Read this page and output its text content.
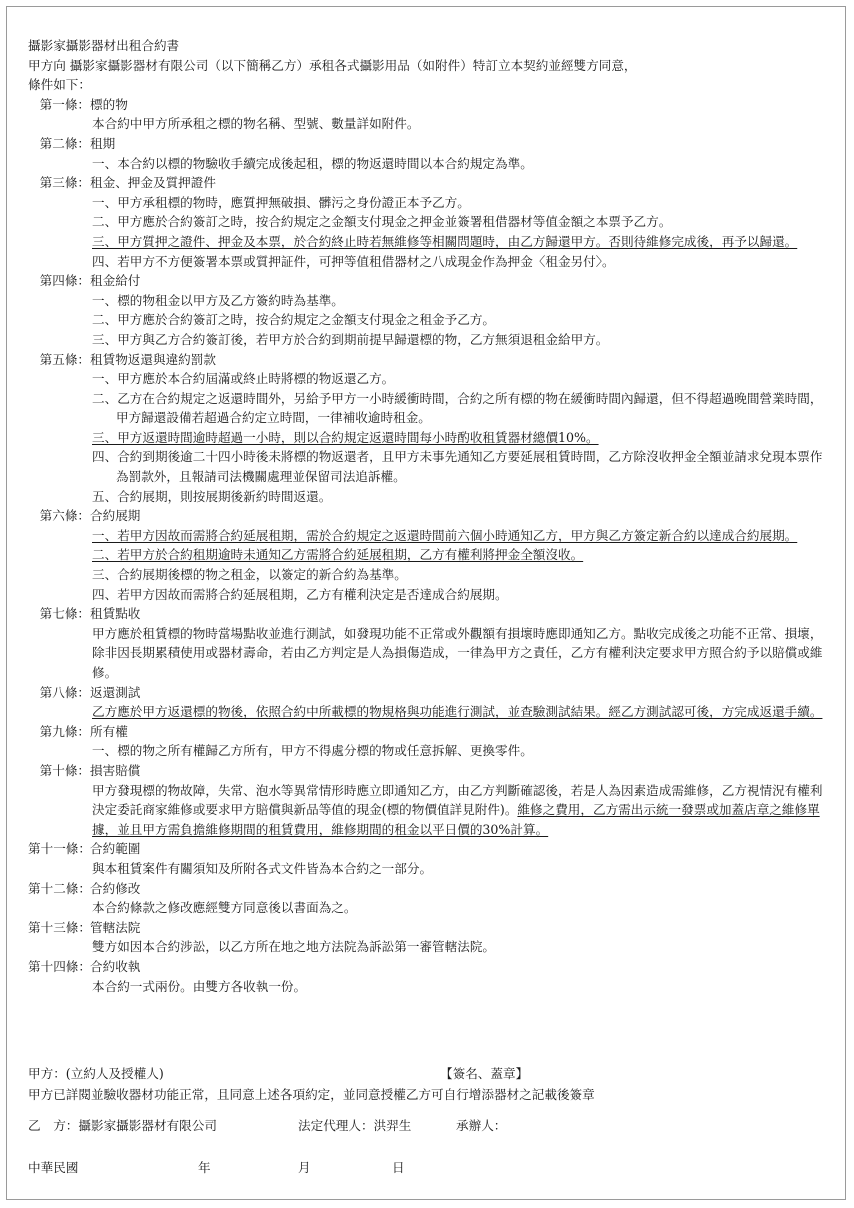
攝影家攝影器材出租合約書
甲方向 攝影家攝影器材有限公司（以下簡稱乙方）承租各式攝影用品（如附件）特訂立本契約並經雙方同意，
條件如下：
第一條：標的物
本合約中甲方所承租之標的物名稱、型號、數量詳如附件。
第二條：租期
一、本合約以標的物驗收手續完成後起租，標的物返還時間以本合約規定為準。
第三條：租金、押金及質押證件
一、甲方承租標的物時，應質押無破損、髒污之身份證正本予乙方。
二、甲方應於合約簽訂之時，按合約規定之金額支付現金之押金並簽署租借器材等值金額之本票予乙方。
三、甲方質押之證件、押金及本票，於合約終止時若無維修等相關問題時，由乙方歸還甲方。否則待維修完成後，再予以歸還。
四、若甲方不方便簽署本票或質押証件，可押等值租借器材之八成現金作為押金〈租金另付〉。
第四條：租金給付
一、標的物租金以甲方及乙方簽約時為基準。
二、甲方應於合約簽訂之時，按合約規定之金額支付現金之租金予乙方。
三、甲方與乙方合約簽訂後，若甲方於合約到期前提早歸還標的物，乙方無須退租金給甲方。
第五條：租賃物返還與違約罰款
一、甲方應於本合約屆滿或終止時將標的物返還乙方。
二、乙方在合約規定之返還時間外，另給予甲方一小時緩衝時間，合約之所有標的物在緩衝時間內歸還，但不得超過晚間營業時間，甲方歸還設備若超過合約定立時間，一律補收逾時租金。
三、甲方返還時間逾時超過一小時，則以合約規定返還時間每小時酌收租賃器材總價10%。
四、合約到期後逾二十四小時後未將標的物返還者，且甲方未事先通知乙方要延展租賃時間，乙方除沒收押金全額並請求兌現本票作為罰款外，且報請司法機關處理並保留司法追訴權。
五、合約展期，則按展期後新約時間返還。
第六條：合約展期
一、若甲方因故而需將合約延展租期，需於合約規定之返還時間前六個小時通知乙方，甲方與乙方簽定新合約以達成合約展期。
二、若甲方於合約租期逾時未通知乙方需將合約延展租期，乙方有權利將押金全額沒收。
三、合約展期後標的物之租金，以簽定的新合約為基準。
四、若甲方因故而需將合約延展租期，乙方有權利決定是否達成合約展期。
第七條：租賃點收
甲方應於租賃標的物時當場點收並進行測試，如發現功能不正常或外觀額有損壞時應即通知乙方。點收完成後之功能不正常、損壞，除非因長期累積使用或器材壽命，若由乙方判定是人為損傷造成，一律為甲方之責任，乙方有權利決定要求甲方照合約予以賠償或維修。
第八條：返還測試
乙方應於甲方返還標的物後，依照合約中所載標的物規格與功能進行測試，並查驗測試結果。經乙方測試認可後，方完成返還手續。
第九條：所有權
一、標的物之所有權歸乙方所有，甲方不得處分標的物或任意拆解、更換零件。
第十條：損害賠償
甲方發現標的物故障，失常、泡水等異常情形時應立即通知乙方，由乙方判斷確認後，若是人為因素造成需維修，乙方視情況有權利決定委託商家維修或要求甲方賠償與新品等值的現金(標的物價值詳見附件)。維修之費用，乙方需出示統一發票或加蓋店章之維修單據，並且甲方需負擔維修期間的租賃費用，維修期間的租金以平日價的30%計算。
第十一條：合約範圍
與本租賃案件有關須知及所附各式文件皆為本合約之一部分。
第十二條：合約修改
本合約條款之修改應經雙方同意後以書面為之。
第十三條：管轄法院
雙方如因本合約涉訟，以乙方所在地之地方法院為訴訟第一審管轄法院。
第十四條：合約收執
本合約一式兩份。由雙方各收執一份。
甲方：(立約人及授權人)	【簽名、蓋章】
甲方已詳閱並驗收器材功能正常，且同意上述各項約定，並同意授權乙方可自行增添器材之記載後簽章
乙　方：攝影家攝影器材有限公司	法定代理人：洪羿生	承辦人：
中華民國	年	月	日
